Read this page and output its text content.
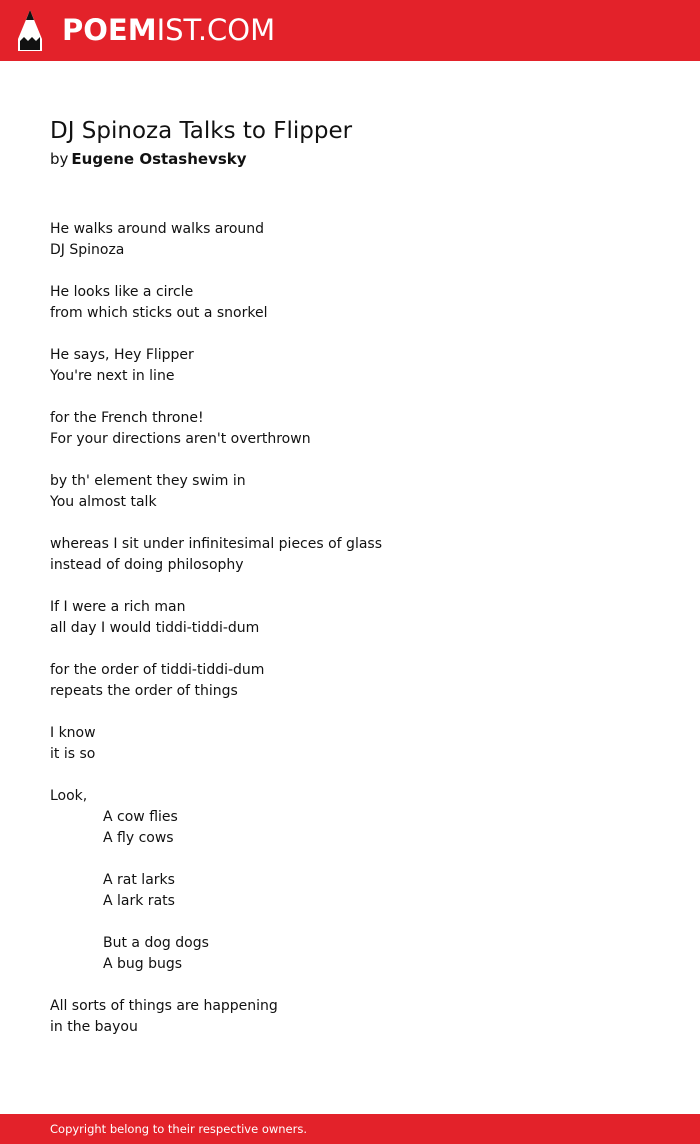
POEMIST.COM
DJ Spinoza Talks to Flipper
by Eugene Ostashevsky
He walks around walks around
DJ Spinoza
He looks like a circle
from which sticks out a snorkel
He says, Hey Flipper
You're next in line
for the French throne!
For your directions aren't overthrown
by th' element they swim in
You almost talk
whereas I sit under infinitesimal pieces of glass
instead of doing philosophy
If I were a rich man
all day I would tiddi-tiddi-dum
for the order of tiddi-tiddi-dum
repeats the order of things
I know
it is so
Look,
A cow flies
A fly cows
A rat larks
A lark rats
But a dog dogs
A bug bugs
All sorts of things are happening
in the bayou
Copyright belong to their respective owners.
